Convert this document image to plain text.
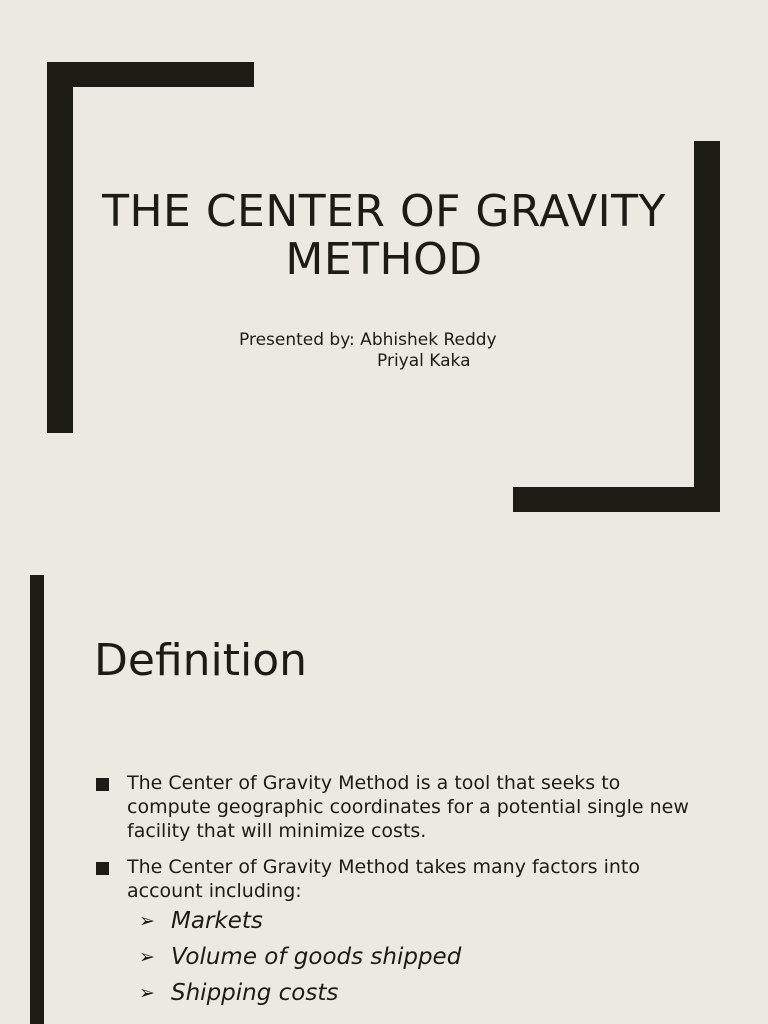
THE CENTER OF GRAVITY
METHOD
Presented by: Abhishek Reddy
Priyal Kaka
Definition
The Center of Gravity Method is a tool that seeks to compute geographic coordinates for a potential single new facility that will minimize costs.
The Center of Gravity Method takes many factors into account including:
➢ Markets
➢ Volume of goods shipped
➢ Shipping costs
